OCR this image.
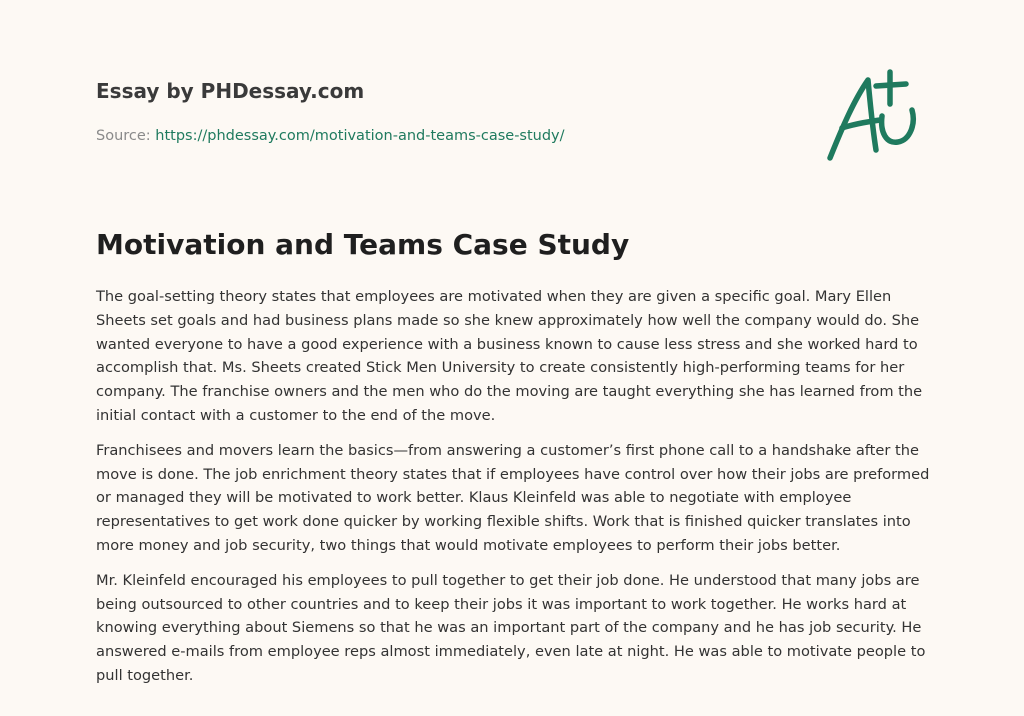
Essay by PHDessay.com
Source: https://phdessay.com/motivation-and-teams-case-study/
Motivation and Teams Case Study

The goal-setting theory states that employees are motivated when they are given a specific goal. Mary Ellen Sheets set goals and had business plans made so she knew approximately how well the company would do. She wanted everyone to have a good experience with a business known to cause less stress and she worked hard to accomplish that. Ms. Sheets created Stick Men University to create consistently high-performing teams for her company. The franchise owners and the men who do the moving are taught everything she has learned from the initial contact with a customer to the end of the move.

Franchisees and movers learn the basics—from answering a customer’s first phone call to a handshake after the move is done. The job enrichment theory states that if employees have control over how their jobs are preformed or managed they will be motivated to work better. Klaus Kleinfeld was able to negotiate with employee representatives to get work done quicker by working flexible shifts. Work that is finished quicker translates into more money and job security, two things that would motivate employees to perform their jobs better.

Mr. Kleinfeld encouraged his employees to pull together to get their job done. He understood that many jobs are being outsourced to other countries and to keep their jobs it was important to work together. He works hard at knowing everything about Siemens so that he was an important part of the company and he has job security. He answered e-mails from employee reps almost immediately, even late at night. He was able to motivate people to pull together.
